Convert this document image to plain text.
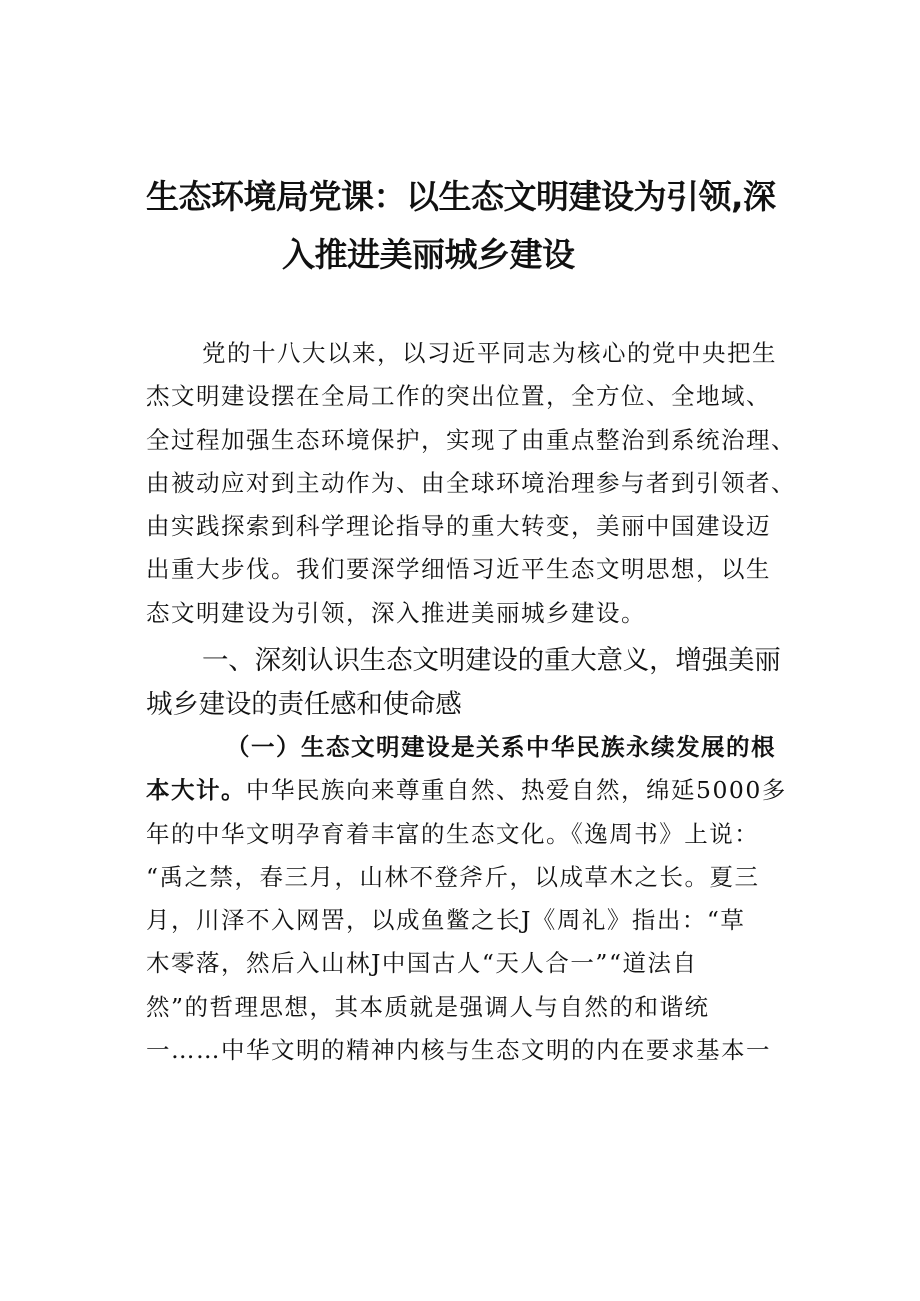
生态环境局党课：以生态文明建设为引领,深
入推进美丽城乡建设
党的十八大以来，以习近平同志为核心的党中央把生
杰文明建设摆在全局工作的突出位置，全方位、全地域、
全过程加强生态环境保护，实现了由重点整治到系统治理、
由被动应对到主动作为、由全球环境治理参与者到引领者、
由实践探索到科学理论指导的重大转变，美丽中国建设迈
出重大步伐。我们要深学细悟习近平生态文明思想，以生
态文明建设为引领，深入推进美丽城乡建设。
一、深刻认识生态文明建设的重大意义，增强美丽
城乡建设的责任感和使命感
（一）生态文明建设是关系中华民族永续发展的根
本大计。中华民族向来尊重自然、热爱自然，绵延5000多
年的中华文明孕育着丰富的生态文化。《逸周书》上说：
“禹之禁，春三月，山林不登斧斤，以成草木之长。夏三
月，川泽不入网罟，以成鱼鳖之长J《周礼》指出：“草
木零落，然后入山林J中国古人“天人合一”“道法自
然”的哲理思想，其本质就是强调人与自然的和谐统
一……中华文明的精神内核与生态文明的内在要求基本一
